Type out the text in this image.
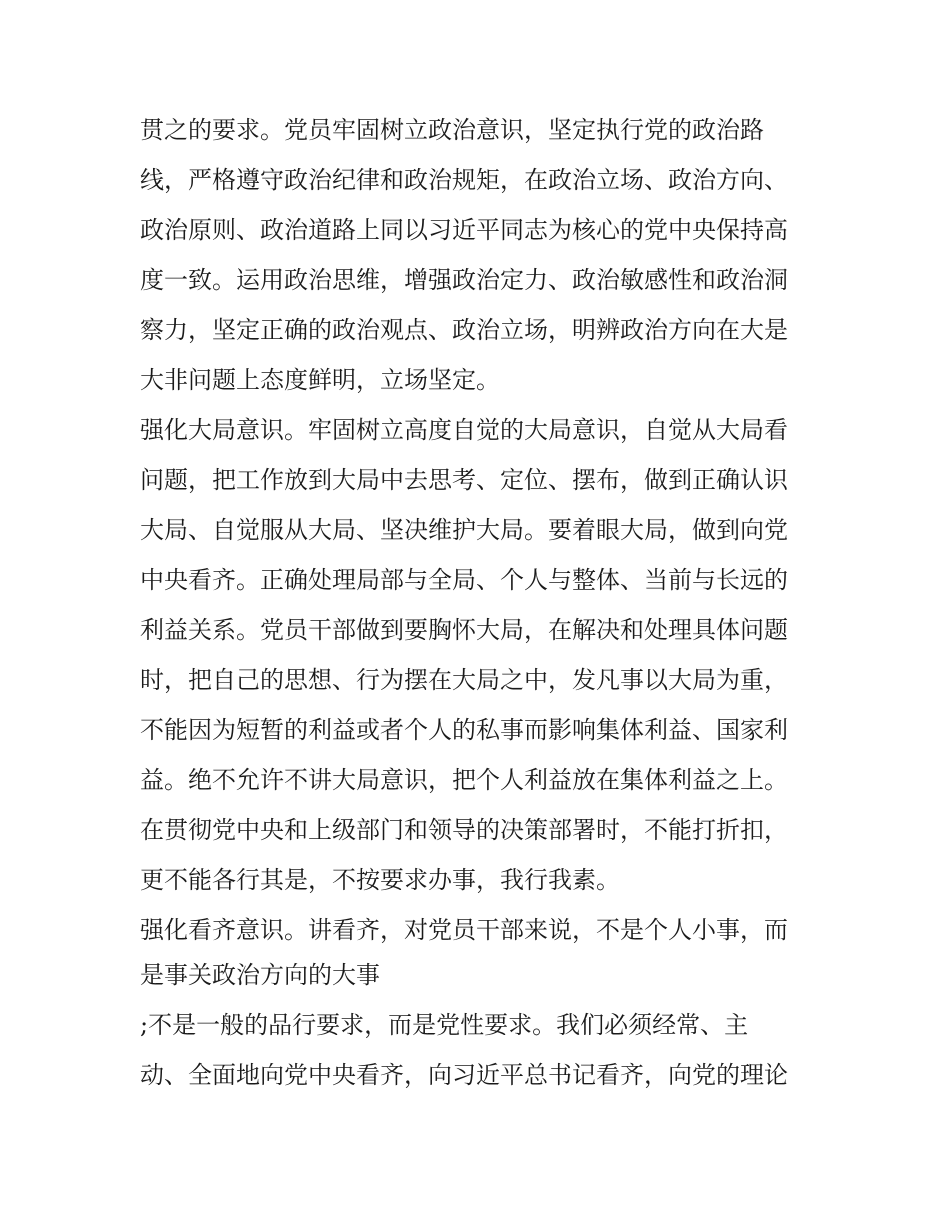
贯之的要求。党员牢固树立政治意识，坚定执行党的政治路
线，严格遵守政治纪律和政治规矩，在政治立场、政治方向、
政治原则、政治道路上同以习近平同志为核心的党中央保持高
度一致。运用政治思维，增强政治定力、政治敏感性和政治洞
察力，坚定正确的政治观点、政治立场，明辨政治方向在大是
大非问题上态度鲜明，立场坚定。
强化大局意识。牢固树立高度自觉的大局意识，自觉从大局看
问题，把工作放到大局中去思考、定位、摆布，做到正确认识
大局、自觉服从大局、坚决维护大局。要着眼大局，做到向党
中央看齐。正确处理局部与全局、个人与整体、当前与长远的
利益关系。党员干部做到要胸怀大局，在解决和处理具体问题
时，把自己的思想、行为摆在大局之中，发凡事以大局为重，
不能因为短暂的利益或者个人的私事而影响集体利益、国家利
益。绝不允许不讲大局意识，把个人利益放在集体利益之上。
在贯彻党中央和上级部门和领导的决策部署时，不能打折扣，
更不能各行其是，不按要求办事，我行我素。
强化看齐意识。讲看齐，对党员干部来说，不是个人小事，而
是事关政治方向的大事
;不是一般的品行要求，而是党性要求。我们必须经常、主
动、全面地向党中央看齐，向习近平总书记看齐，向党的理论
